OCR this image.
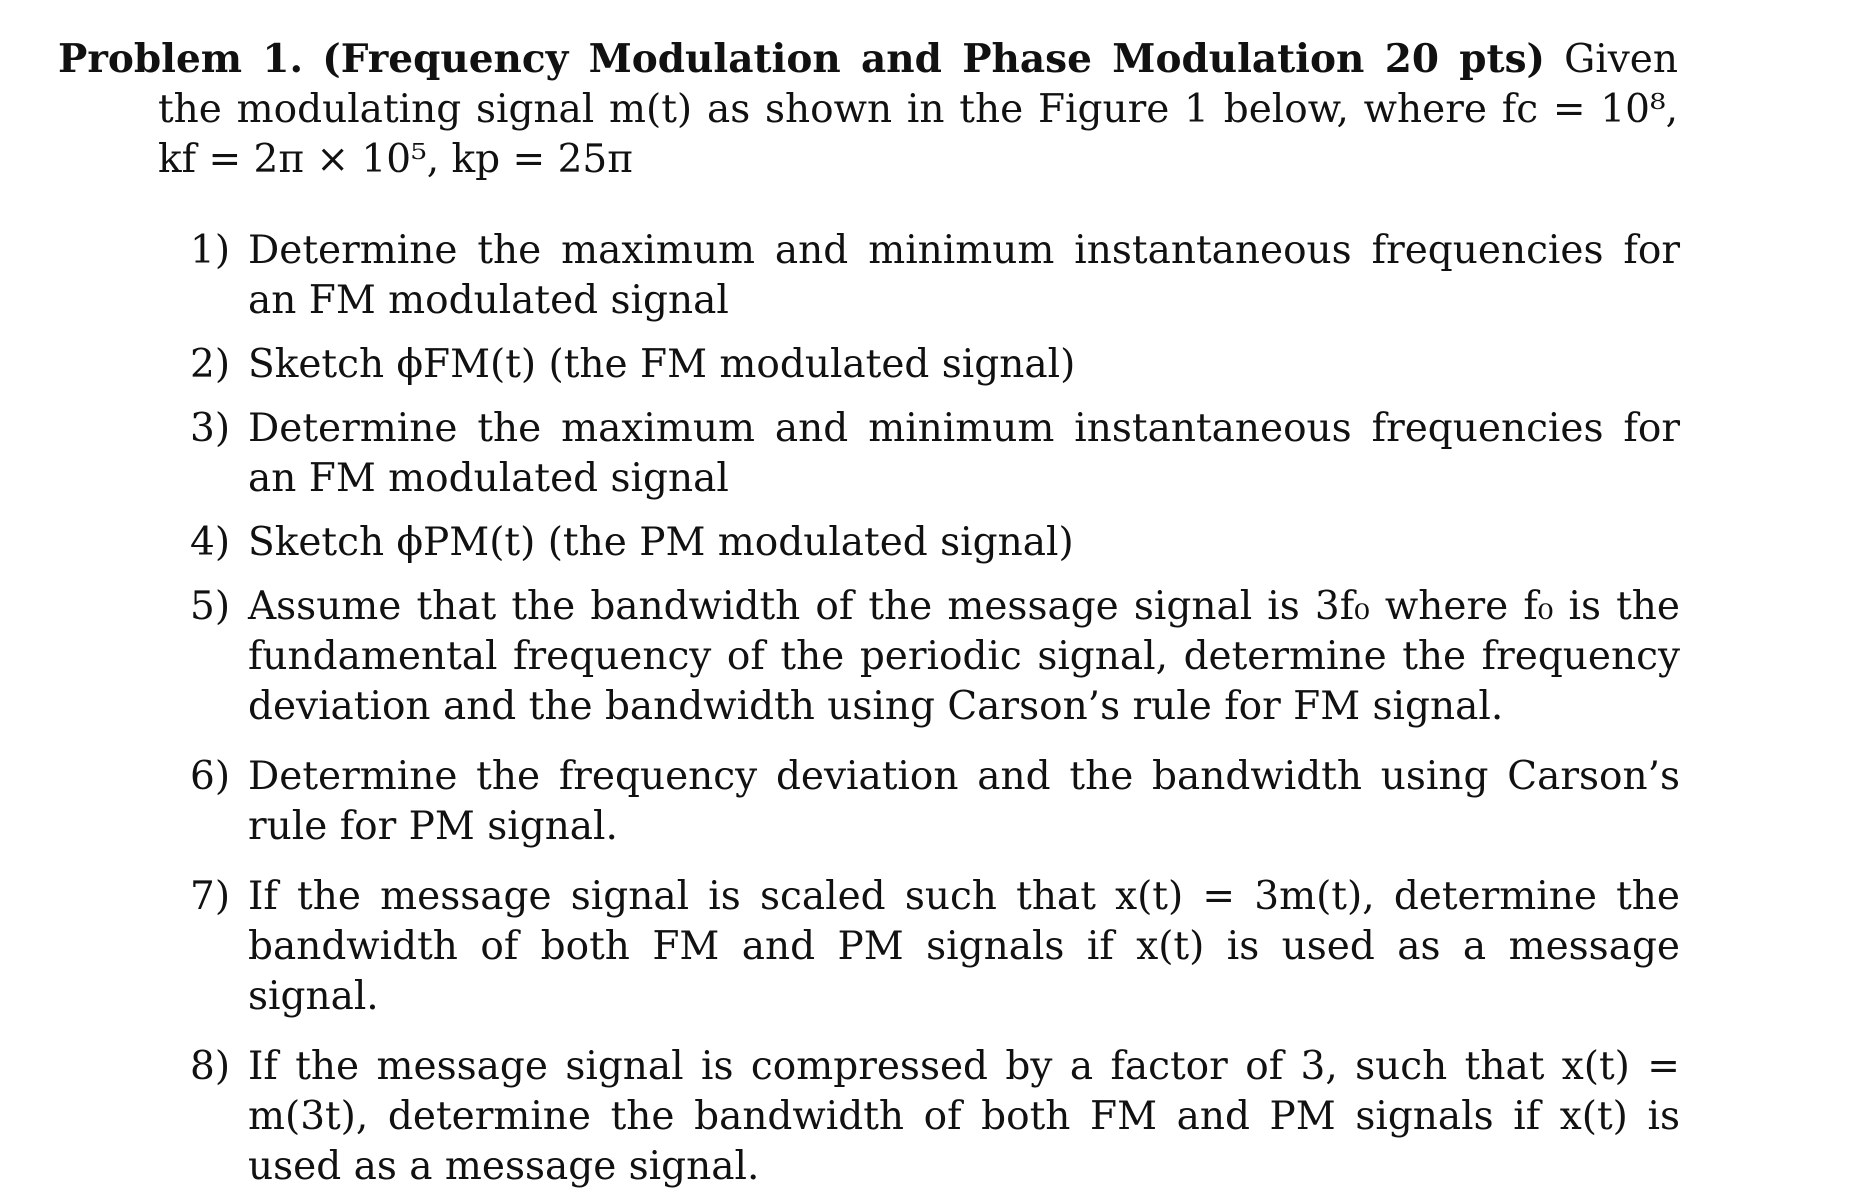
Problem 1. (Frequency Modulation and Phase Modulation 20 pts) Given the modulating signal m(t) as shown in the Figure 1 below, where fc = 10⁸, kf = 2π × 10⁵, kp = 25π
1) Determine the maximum and minimum instantaneous frequencies for an FM modulated signal
2) Sketch ϕFM(t) (the FM modulated signal)
3) Determine the maximum and minimum instantaneous frequencies for an FM modulated signal
4) Sketch ϕPM(t) (the PM modulated signal)
5) Assume that the bandwidth of the message signal is 3f₀ where f₀ is the fundamental frequency of the periodic signal, determine the frequency deviation and the bandwidth using Carson’s rule for FM signal.
6) Determine the frequency deviation and the bandwidth using Carson’s rule for PM signal.
7) If the message signal is scaled such that x(t) = 3m(t), determine the bandwidth of both FM and PM signals if x(t) is used as a message signal.
8) If the message signal is compressed by a factor of 3, such that x(t) = m(3t), determine the bandwidth of both FM and PM signals if x(t) is used as a message signal.
